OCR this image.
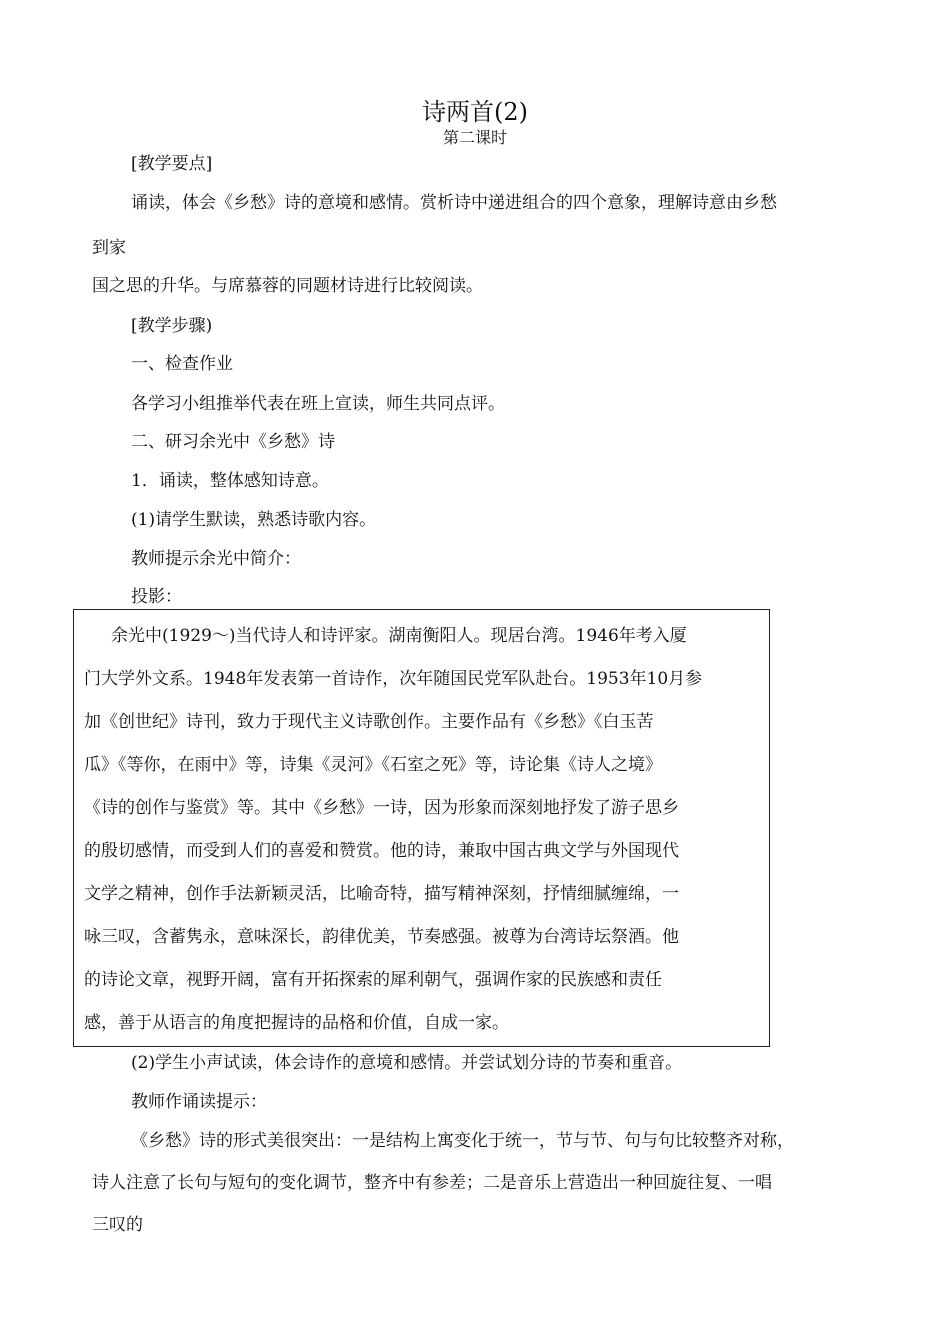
诗两首(2)
第二课时
[教学要点]
诵读，体会《乡愁》诗的意境和感情。赏析诗中递进组合的四个意象，理解诗意由乡愁
到家
国之思的升华。与席慕蓉的同题材诗进行比较阅读。
[教学步骤)
一、检查作业
各学习小组推举代表在班上宣读，师生共同点评。
二、研习余光中《乡愁》诗
1．诵读，整体感知诗意。
(1)请学生默读，熟悉诗歌内容。
教师提示余光中简介：
投影：
余光中(1929～)当代诗人和诗评家。湖南衡阳人。现居台湾。1946年考入厦
门大学外文系。1948年发表第一首诗作，次年随国民党军队赴台。1953年10月参
加《创世纪》诗刊，致力于现代主义诗歌创作。主要作品有《乡愁》《白玉苦
瓜》《等你，在雨中》等，诗集《灵河》《石室之死》等，诗论集《诗人之境》
《诗的创作与鉴赏》等。其中《乡愁》一诗，因为形象而深刻地抒发了游子思乡
的殷切感情，而受到人们的喜爱和赞赏。他的诗，兼取中国古典文学与外国现代
文学之精神，创作手法新颖灵活，比喻奇特，描写精神深刻，抒情细腻缠绵，一
咏三叹，含蓄隽永，意味深长，韵律优美，节奏感强。被尊为台湾诗坛祭酒。他
的诗论文章，视野开阔，富有开拓探索的犀利朝气，强调作家的民族感和责任
感，善于从语言的角度把握诗的品格和价值，自成一家。
(2)学生小声试读，体会诗作的意境和感情。并尝试划分诗的节奏和重音。
教师作诵读提示：
《乡愁》诗的形式美很突出：一是结构上寓变化于统一，节与节、句与句比较整齐对称，
诗人注意了长句与短句的变化调节，整齐中有参差；二是音乐上营造出一种回旋往复、一唱
三叹的
